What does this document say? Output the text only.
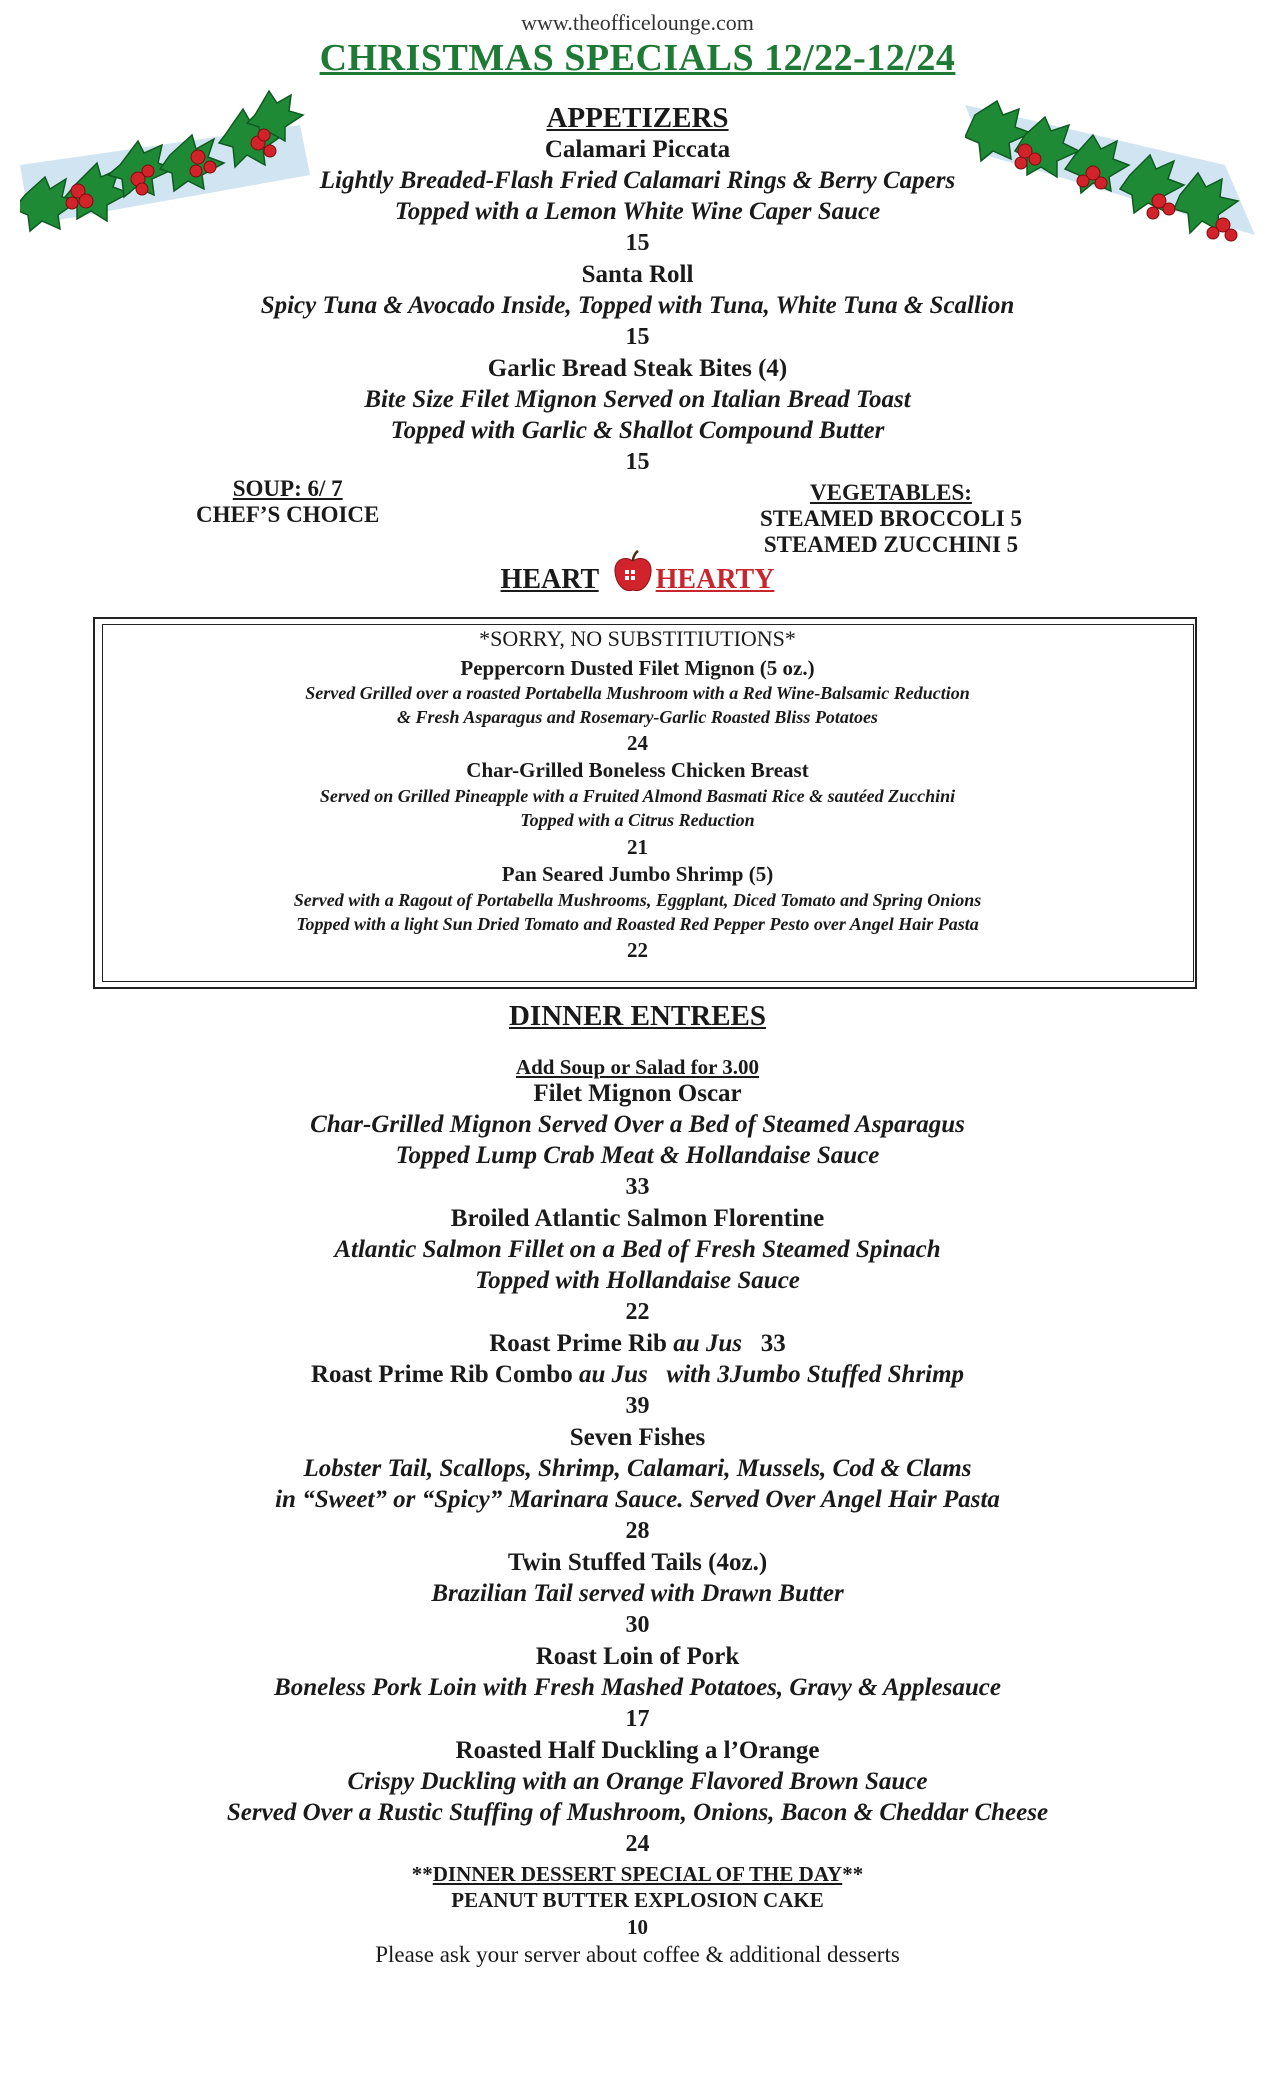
www.theofficelounge.com
CHRISTMAS SPECIALS 12/22-12/24
APPETIZERS
Calamari Piccata
Lightly Breaded-Flash Fried Calamari Rings & Berry Capers
Topped with a Lemon White Wine Caper Sauce
15
Santa Roll
Spicy Tuna & Avocado Inside, Topped with Tuna, White Tuna & Scallion
15
Garlic Bread Steak Bites (4)
Bite Size Filet Mignon Served on Italian Bread Toast
Topped with Garlic & Shallot Compound Butter
15
SOUP: 6/ 7
CHEF’S CHOICE
VEGETABLES:
STEAMED BROCCOLI 5
STEAMED ZUCCHINI 5
HEART HEARTY
*SORRY, NO SUBSTITIUTIONS*
Peppercorn Dusted Filet Mignon (5 oz.)
Served Grilled over a roasted Portabella Mushroom with a Red Wine-Balsamic Reduction
& Fresh Asparagus and Rosemary-Garlic Roasted Bliss Potatoes
24
Char-Grilled Boneless Chicken Breast
Served on Grilled Pineapple with a Fruited Almond Basmati Rice & sautéed Zucchini
Topped with a Citrus Reduction
21
Pan Seared Jumbo Shrimp (5)
Served with a Ragout of Portabella Mushrooms, Eggplant, Diced Tomato and Spring Onions
Topped with a light Sun Dried Tomato and Roasted Red Pepper Pesto over Angel Hair Pasta
22
DINNER ENTREES
Add Soup or Salad for 3.00
Filet Mignon Oscar
Char-Grilled Mignon Served Over a Bed of Steamed Asparagus
Topped Lump Crab Meat & Hollandaise Sauce
33
Broiled Atlantic Salmon Florentine
Atlantic Salmon Fillet on a Bed of Fresh Steamed Spinach
Topped with Hollandaise Sauce
22
Roast Prime Rib au Jus 33
Roast Prime Rib Combo au Jus with 3Jumbo Stuffed Shrimp
39
Seven Fishes
Lobster Tail, Scallops, Shrimp, Calamari, Mussels, Cod & Clams
in “Sweet” or “Spicy” Marinara Sauce. Served Over Angel Hair Pasta
28
Twin Stuffed Tails (4oz.)
Brazilian Tail served with Drawn Butter
30
Roast Loin of Pork
Boneless Pork Loin with Fresh Mashed Potatoes, Gravy & Applesauce
17
Roasted Half Duckling a l’Orange
Crispy Duckling with an Orange Flavored Brown Sauce
Served Over a Rustic Stuffing of Mushroom, Onions, Bacon & Cheddar Cheese
24
**DINNER DESSERT SPECIAL OF THE DAY**
PEANUT BUTTER EXPLOSION CAKE
10
Please ask your server about coffee & additional desserts
